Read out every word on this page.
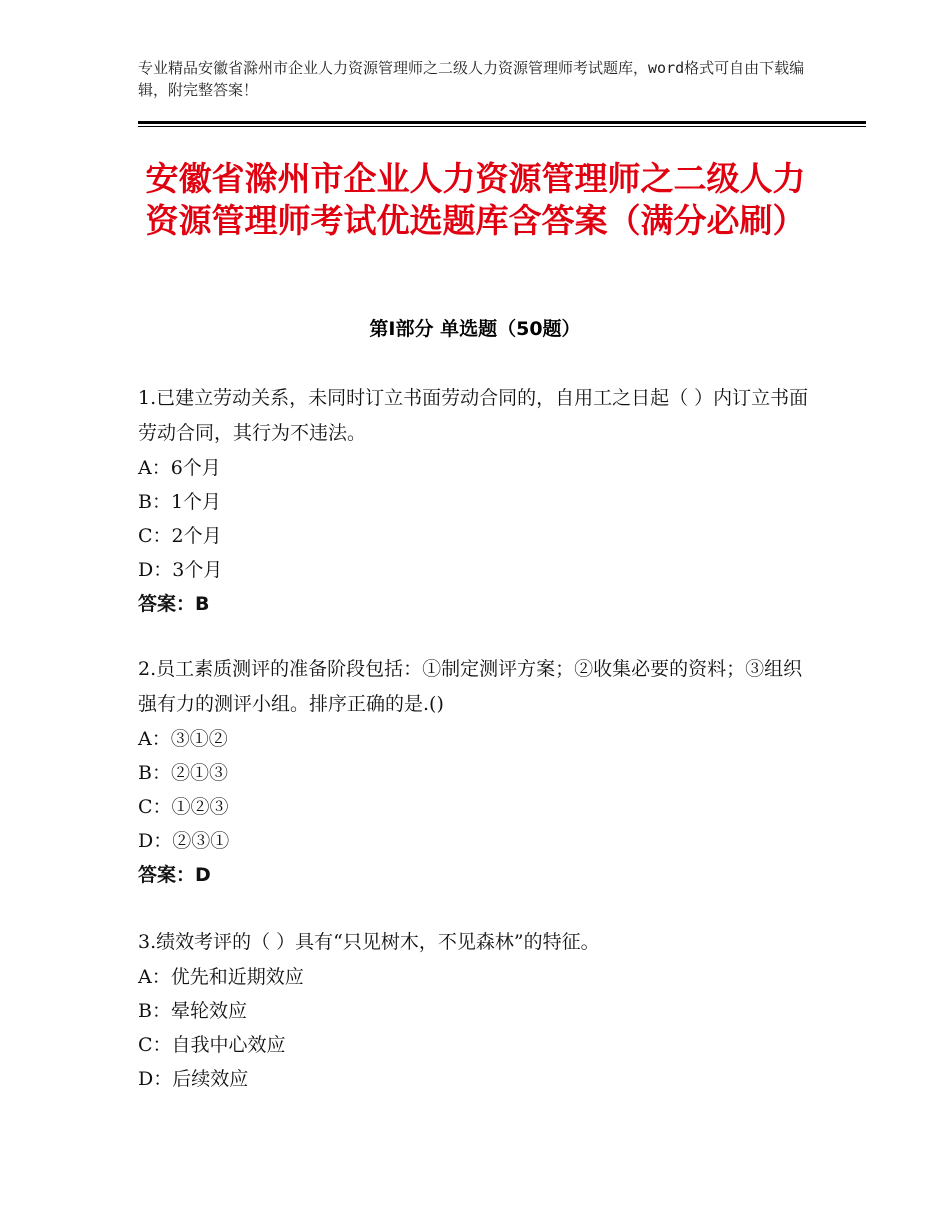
专业精品安徽省滁州市企业人力资源管理师之二级人力资源管理师考试题库，word格式可自由下载编辑，附完整答案！
安徽省滁州市企业人力资源管理师之二级人力资源管理师考试优选题库含答案（满分必刷）
第Ⅰ部分 单选题（50题）
1.已建立劳动关系，未同时订立书面劳动合同的，自用工之日起（ ）内订立书面劳动合同，其行为不违法。
A：6个月
B：1个月
C：2个月
D：3个月
答案：B
2.员工素质测评的准备阶段包括：①制定测评方案；②收集必要的资料；③组织强有力的测评小组。排序正确的是.()
A：③①②
B：②①③
C：①②③
D：②③①
答案：D
3.绩效考评的（ ）具有“只见树木，不见森林”的特征。
A：优先和近期效应
B：晕轮效应
C：自我中心效应
D：后续效应
